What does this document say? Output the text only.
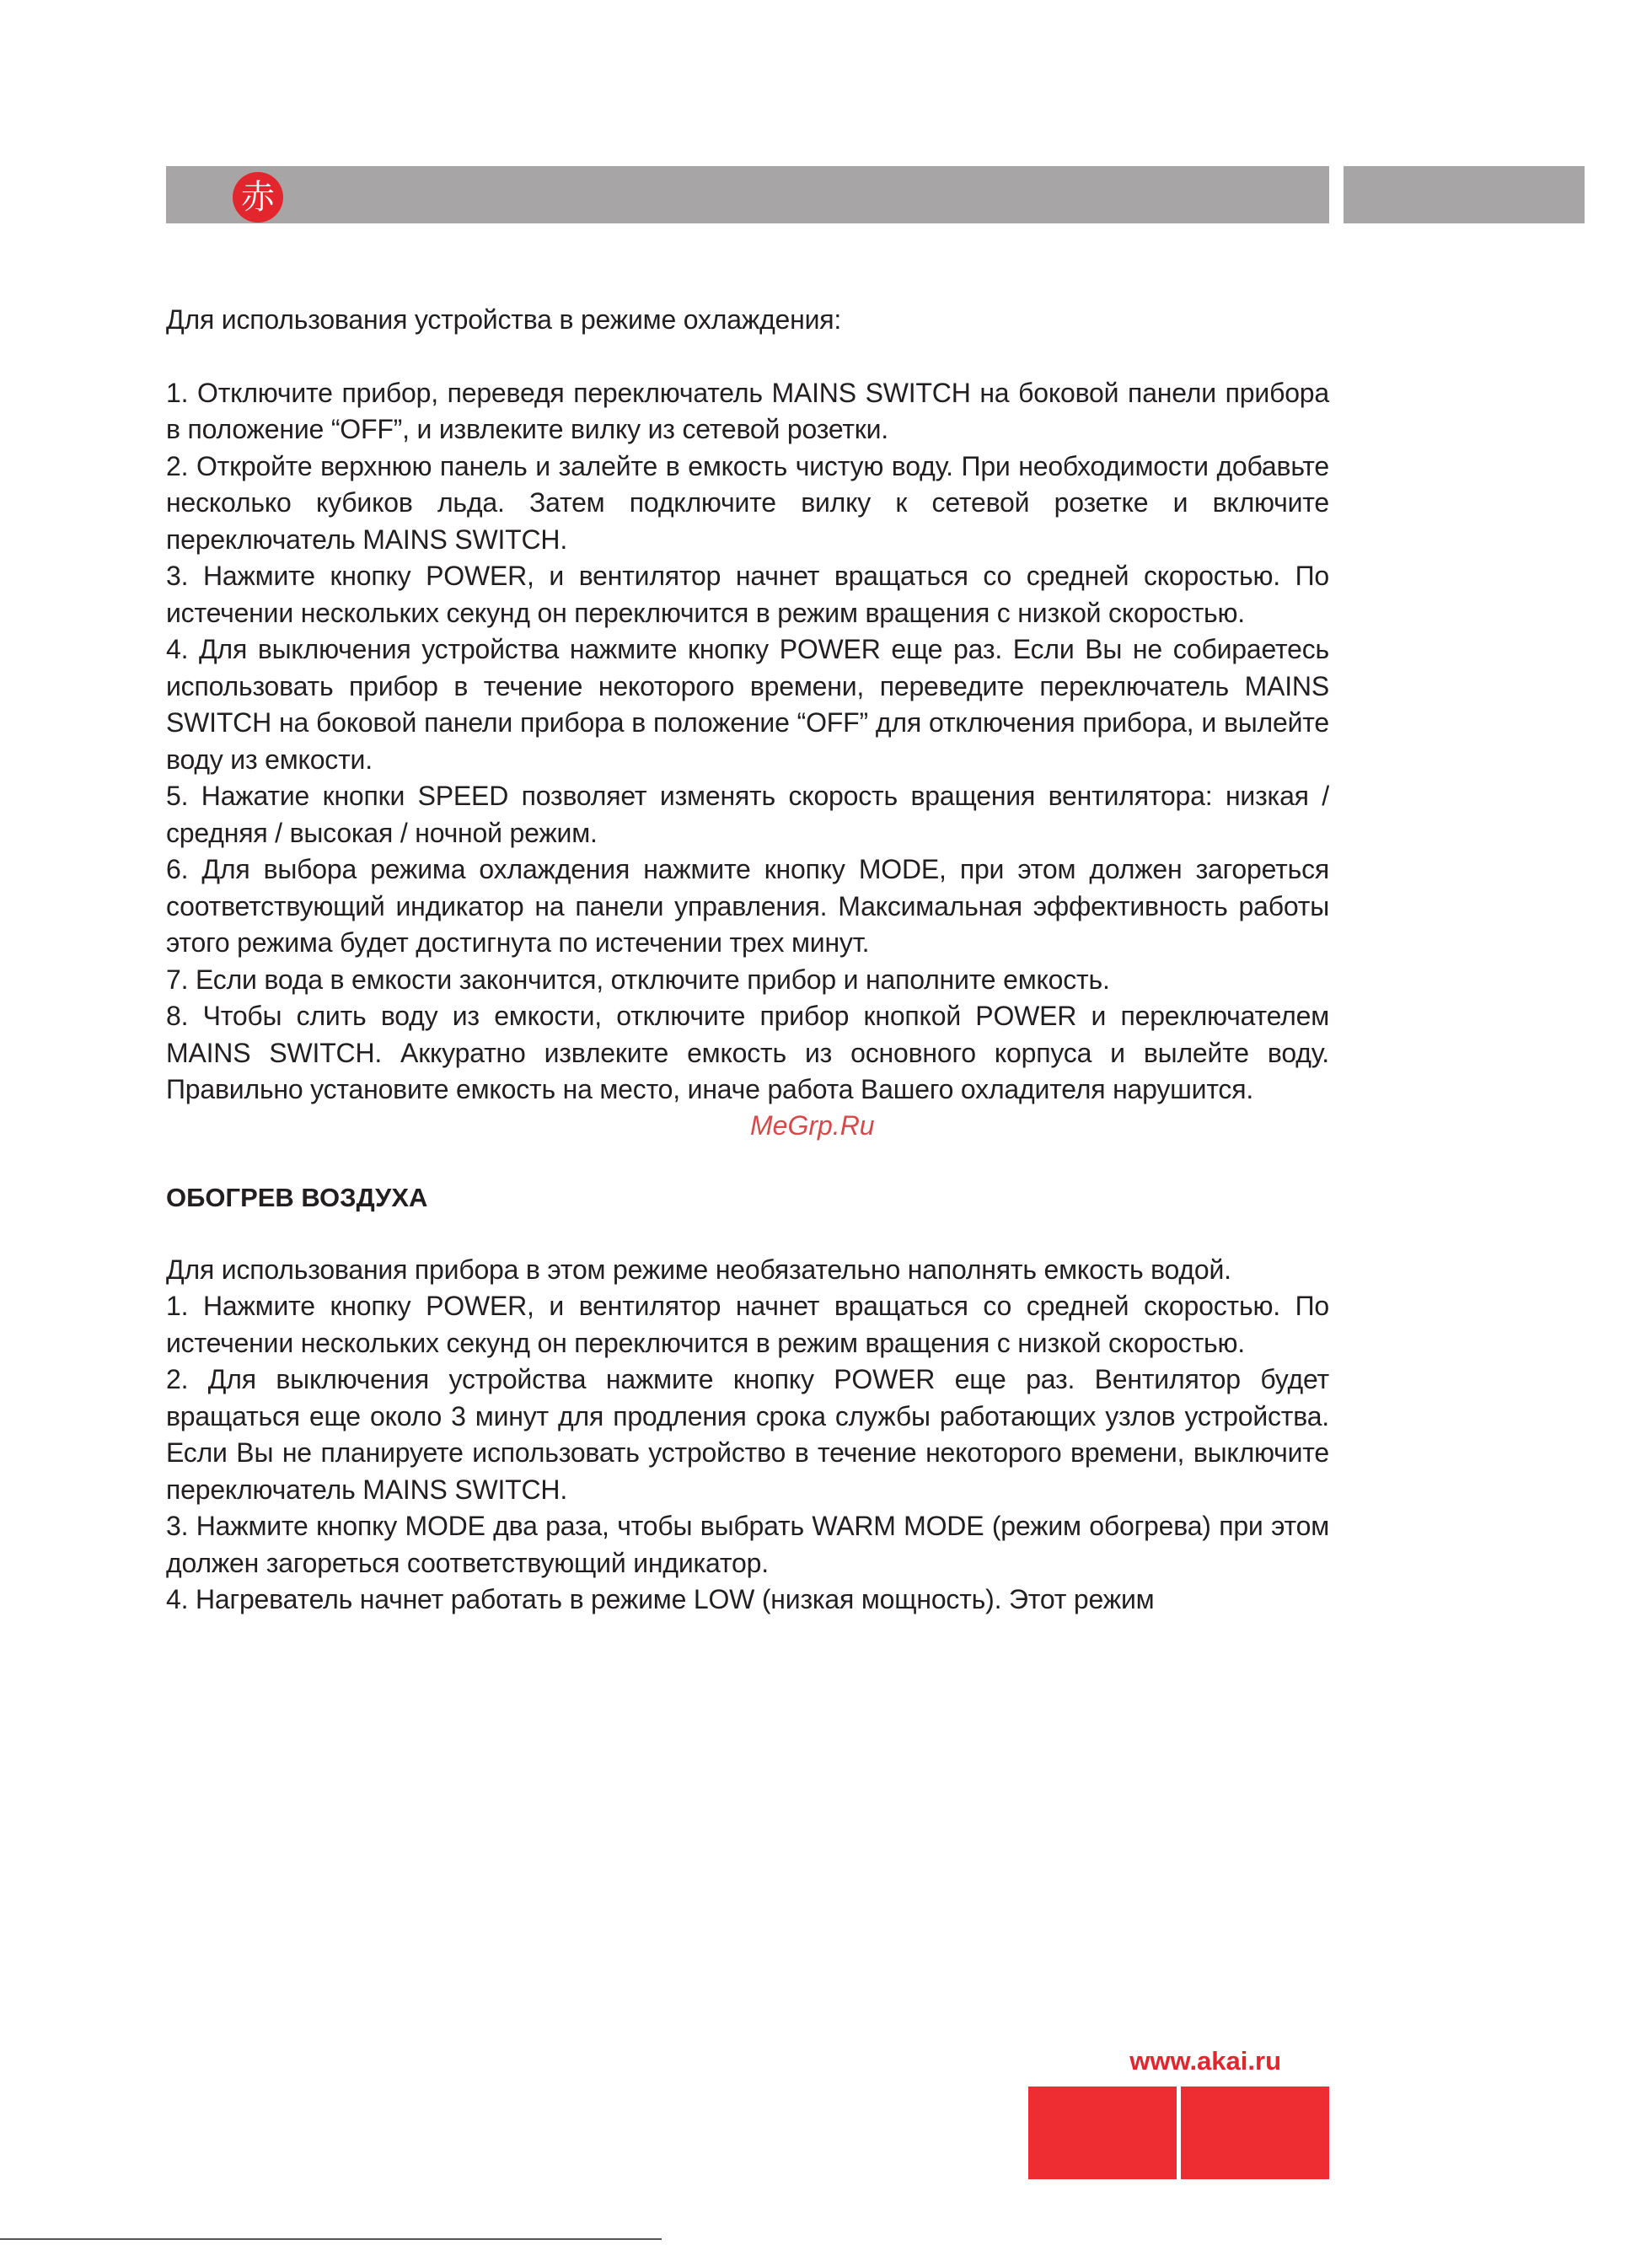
赤

Для использования устройства в режиме охлаждения:

1. Отключите прибор, переведя переключатель MAINS SWITCH на боковой панели прибора в положение “OFF”, и извлеките вилку из сетевой розетки.

2. Откройте верхнюю панель и залейте в емкость чистую воду. При необходимости добавьте несколько кубиков льда. Затем подключите вилку к сетевой розетке и включите переключатель MAINS SWITCH.

3. Нажмите кнопку POWER, и вентилятор начнет вращаться со средней скоростью. По истечении нескольких секунд он переключится в режим вращения с низкой скоростью.

4. Для выключения устройства нажмите кнопку POWER еще раз. Если Вы не собираетесь использовать прибор в течение некоторого времени, переведите переключатель MAINS SWITCH на боковой панели прибора в положение “OFF” для отключения прибора, и вылейте воду из емкости.

5. Нажатие кнопки SPEED позволяет изменять скорость вращения вентилятора: низкая / средняя / высокая / ночной режим.

6. Для выбора режима охлаждения нажмите кнопку MODE, при этом должен загореться соответствующий индикатор на панели управления. Максимальная эффективность работы этого режима будет достигнута по истечении трех минут.

7. Если вода в емкости закончится, отключите прибор и наполните емкость.

8. Чтобы слить воду из емкости, отключите прибор кнопкой POWER и переключателем MAINS SWITCH. Аккуратно извлеките емкость из основного корпуса и вылейте воду. Правильно установите емкость на место, иначе работа Вашего охладителя нарушится.

ОБОГРЕВ ВОЗДУХА

Для использования прибора в этом режиме необязательно наполнять емкость водой.

1. Нажмите кнопку POWER, и вентилятор начнет вращаться со средней скоростью. По истечении нескольких секунд он переключится в режим вращения с низкой скоростью.

2. Для выключения устройства нажмите кнопку POWER еще раз. Вентилятор будет вращаться еще около 3 минут для продления срока службы работающих узлов устройства. Если Вы не планируете использовать устройство в течение некоторого времени, выключите переключатель MAINS SWITCH.

3. Нажмите кнопку MODE два раза, чтобы выбрать WARM MODE (режим обогрева) при этом должен загореться соответствующий индикатор.

4. Нагреватель начнет работать в режиме LOW (низкая мощность). Этот режим

MeGrp.Ru
www.akai.ru
